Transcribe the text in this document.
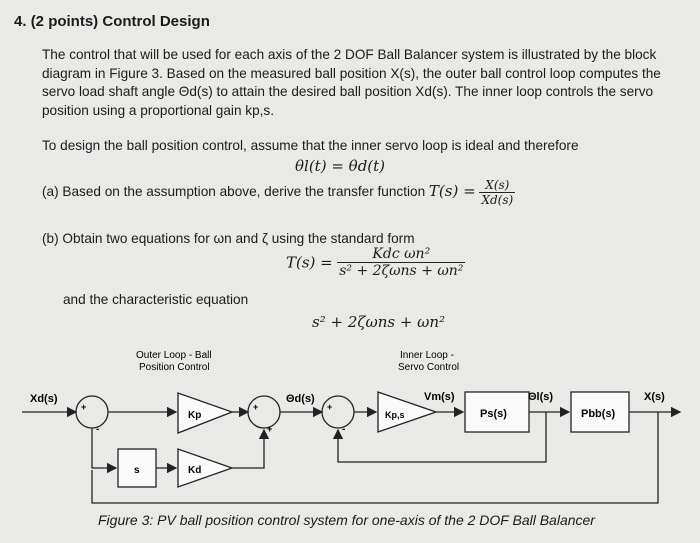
4. (2 points) Control Design
The control that will be used for each axis of the 2 DOF Ball Balancer system is illustrated by the block diagram in Figure 3. Based on the measured ball position X(s), the outer ball control loop computes the servo load shaft angle Θd(s) to attain the desired ball position Xd(s). The inner loop controls the servo position using a proportional gain kp,s.
To design the ball position control, assume that the inner servo loop is ideal and therefore
θl(t) = θd(t)
(a) Based on the assumption above, derive the transfer function $T(s) = \frac{X(s)}{Xd(s)}$
(b) Obtain two equations for ωn and ζ using the standard form
$T(s) = \frac{\text{Kdc ωn²}}{\text{s² + 2ζωns + ωn²}}$
and the characteristic equation
s² + 2ζωns + ωn²
Outer Loop - Ball
Position Control
Inner Loop -
Servo Control
Xd(s)	Θd(s)	Vm(s)	Θl(s)	X(s)
Kp	Kp,s	Ps(s)	Pbb(s)
s	Kd
+
-
+
+
+
-
Figure 3: PV ball position control system for one-axis of the 2 DOF Ball Balancer
